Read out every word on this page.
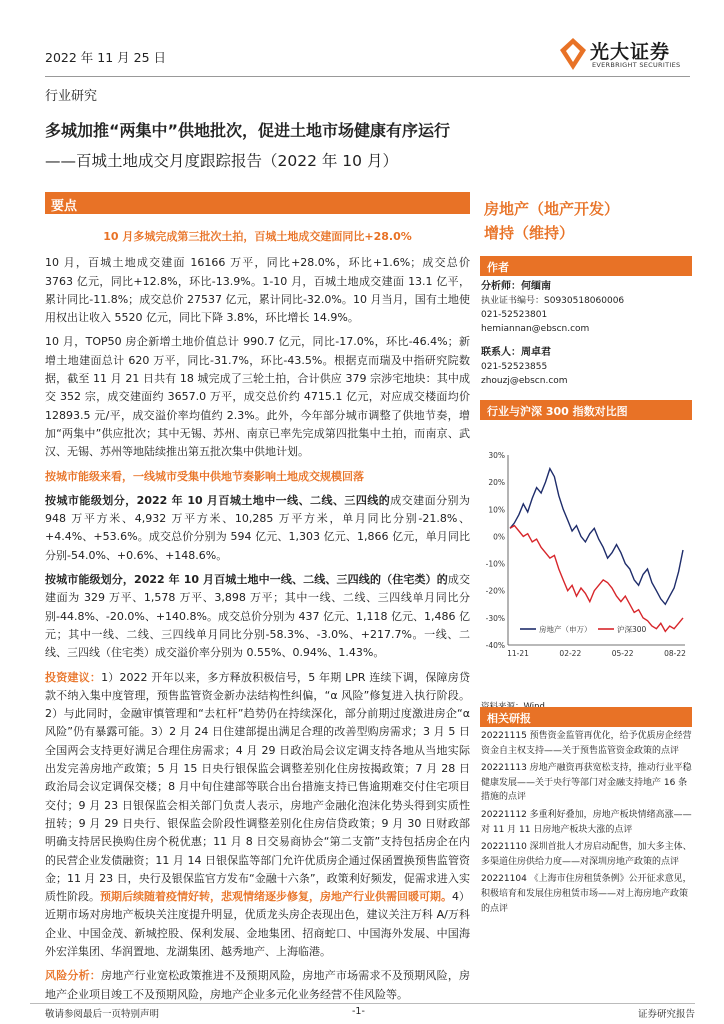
2022 年 11 月 25 日	光大证券
EVERBRIGHT SECURITIES
行业研究
多城加推“两集中”供地批次，促进土地市场健康有序运行
——百城土地成交月度跟踪报告（2022 年 10 月）
要点
10 月多城完成第三批次土拍，百城土地成交建面同比+28.0%

10 月，百城土地成交建面 16166 万平，同比+28.0%，环比+1.6%；成交总价 3763 亿元，同比+12.8%，环比-13.9%。1-10 月，百城土地成交建面 13.1 亿平，累计同比-11.8%；成交总价 27537 亿元，累计同比-32.0%。10 月当月，国有土地使用权出让收入 5520 亿元，同比下降 3.8%，环比增长 14.9%。

10 月，TOP50 房企新增土地价值总计 990.7 亿元，同比-17.0%，环比-46.4%；新增土地建面总计 620 万平，同比-31.7%，环比-43.5%。根据克而瑞及中指研究院数据，截至 11 月 21 日共有 18 城完成了三轮土拍，合计供应 379 宗涉宅地块：其中成交 352 宗，成交建面约 3657.0 万平，成交总价约 4715.1 亿元，对应成交楼面均价 12893.5 元/平，成交溢价率均值约 2.3%。此外，今年部分城市调整了供地节奏，增加“两集中”供应批次；其中无锡、苏州、南京已率先完成第四批集中土拍，而南京、武汉、无锡、苏州等地陆续推出第五批次集中供地计划。

按城市能级来看，一线城市受集中供地节奏影响土地成交规模回落

按城市能级划分，2022 年 10 月百城土地中一线、二线、三四线的成交建面分别为 948 万平方米、4,932 万平方米、10,285 万平方米，单月同比分别-21.8%、+4.4%、+53.6%。成交总价分别为 594 亿元、1,303 亿元、1,866 亿元，单月同比分别-54.0%、+0.6%、+148.6%。

按城市能级划分，2022 年 10 月百城土地中一线、二线、三四线的（住宅类）的成交建面为 329 万平、1,578 万平、3,898 万平；其中一线、二线、三四线单月同比分别-44.8%、-20.0%、+140.8%。成交总价分别为 437 亿元、1,118 亿元、1,486 亿元；其中一线、二线、三四线单月同比分别-58.3%、-3.0%、+217.7%。一线、二线、三四线（住宅类）成交溢价率分别为 0.55%、0.94%、1.43%。

投资建议：1）2022 开年以来，多方释放积极信号，5 年期 LPR 连续下调，保障房贷款不纳入集中度管理，预售监管资金新办法结构性纠偏，“α 风险”修复进入执行阶段。2）与此同时，金融审慎管理和“去杠杆”趋势仍在持续深化，部分前期过度激进房企“α 风险”仍有暴露可能。3）2 月 24 日住建部提出满足合理的改善型购房需求；3 月 5 日全国两会支持更好满足合理住房需求；4 月 29 日政治局会议定调支持各地从当地实际出发完善房地产政策；5 月 15 日央行银保监会调整差别化住房按揭政策；7 月 28 日政治局会议定调保交楼；8 月中旬住建部等联合出台措施支持已售逾期难交付住宅项目交付；9 月 23 日银保监会相关部门负责人表示，房地产金融化泡沫化势头得到实质性扭转；9 月 29 日央行、银保监会阶段性调整差别化住房信贷政策；9 月 30 日财政部明确支持居民换购住房个税优惠；11 月 8 日交易商协会“第二支箭”支持包括房企在内的民营企业发债融资；11 月 14 日银保监等部门允许优质房企通过保函置换预售监管资金；11 月 23 日，央行及银保监官方发布“金融十六条”，政策利好频发，促需求进入实质性阶段。预期后续随着疫情好转，悲观情绪逐步修复，房地产行业供需回暖可期。4）近期市场对房地产板块关注度提升明显，优质龙头房企表现出色，建议关注万科 A/万科企业、中国金茂、新城控股、保利发展、金地集团、招商蛇口、中国海外发展、中国海外宏洋集团、华润置地、龙湖集团、越秀地产、上海临港。

风险分析：房地产行业宽松政策推进不及预期风险，房地产市场需求不及预期风险，房地产企业项目竣工不及预期风险，房地产企业多元化业务经营不佳风险等。

房地产（地产开发）
增持（维持）
作者
分析师：何缅南
执业证书编号：S0930518060006
021-52523801
hemiannan@ebscn.com
联系人：周卓君
021-52523855
zhouzj@ebscn.com
行业与沪深 300 指数对比图
-40%
-30%
-20%
-10%
0%
10%
20%
30%
11-21	02-22	05-22	08-22
房地产（申万）	沪深300
相关研报

20221115 预售资金监管再优化，给予优质房企经营资金自主权支持——关于预售监管资金政策的点评

20221113 房地产融资再获宽松支持，推动行业平稳健康发展——关于央行等部门对金融支持地产 16 条措施的点评

20221112 多重利好叠加，房地产板块情绪高涨——对 11 月 11 日房地产板块大涨的点评

20221110 深圳首批人才房启动配售，加大多主体、多渠道住房供给力度——对深圳房地产政策的点评

20221104 《上海市住房租赁条例》公开征求意见，积极培育和发展住房租赁市场——对上海房地产政策的点评

敬请参阅最后一页特别声明	-1-	证券研究报告
